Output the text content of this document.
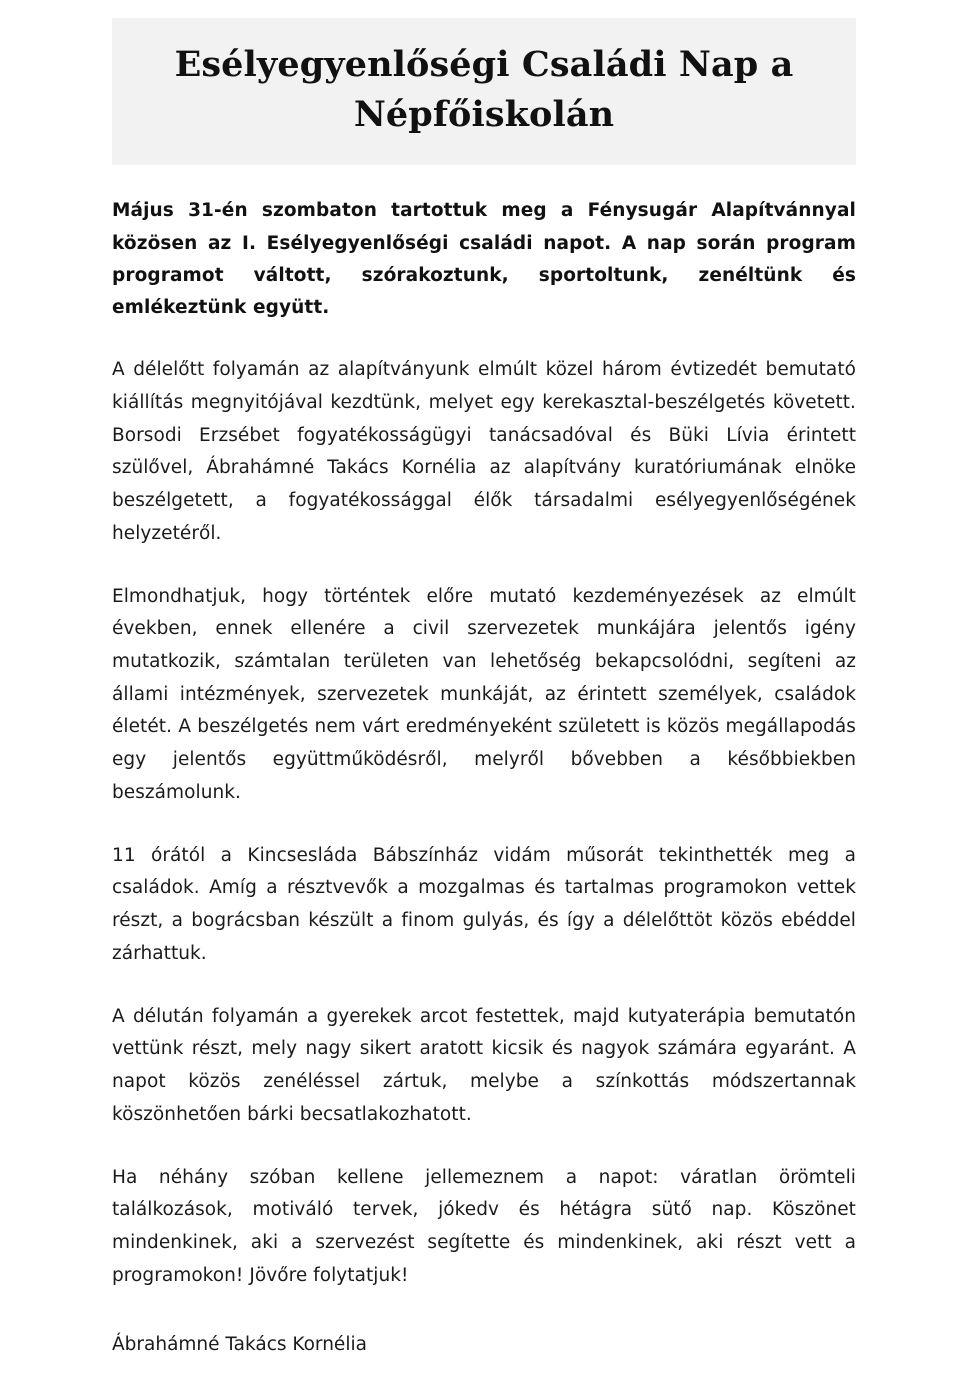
Esélyegyenlőségi Családi Nap a Népfőiskolán

Május 31-én szombaton tartottuk meg a Fénysugár Alapítvánnyal közösen az I. Esélyegyenlőségi családi napot. A nap során program programot váltott, szórakoztunk, sportoltunk, zenéltünk és emlékeztünk együtt.

A délelőtt folyamán az alapítványunk elmúlt közel három évtizedét bemutató kiállítás megnyitójával kezdtünk, melyet egy kerekasztal-beszélgetés követett. Borsodi Erzsébet fogyatékosságügyi tanácsadóval és Büki Lívia érintett szülővel, Ábrahámné Takács Kornélia az alapítvány kuratóriumának elnöke beszélgetett, a fogyatékossággal élők társadalmi esélyegyenlőségének helyzetéről.

Elmondhatjuk, hogy történtek előre mutató kezdeményezések az elmúlt években, ennek ellenére a civil szervezetek munkájára jelentős igény mutatkozik, számtalan területen van lehetőség bekapcsolódni, segíteni az állami intézmények, szervezetek munkáját, az érintett személyek, családok életét. A beszélgetés nem várt eredményeként született is közös megállapodás egy jelentős együttműködésről, melyről bővebben a későbbiekben beszámolunk.

11 órától a Kincsesláda Bábszínház vidám műsorát tekinthették meg a családok. Amíg a résztvevők a mozgalmas és tartalmas programokon vettek részt, a bográcsban készült a finom gulyás, és így a délelőttöt közös ebéddel zárhattuk.

A délután folyamán a gyerekek arcot festettek, majd kutyaterápia bemutatón vettünk részt, mely nagy sikert aratott kicsik és nagyok számára egyaránt. A napot közös zenéléssel zártuk, melybe a színkottás módszertannak köszönhetően bárki becsatlakozhatott.

Ha néhány szóban kellene jellemeznem a napot: váratlan örömteli találkozások, motiváló tervek, jókedv és hétágra sütő nap. Köszönet mindenkinek, aki a szervezést segítette és mindenkinek, aki részt vett a programokon! Jövőre folytatjuk!

Ábrahámné Takács Kornélia
